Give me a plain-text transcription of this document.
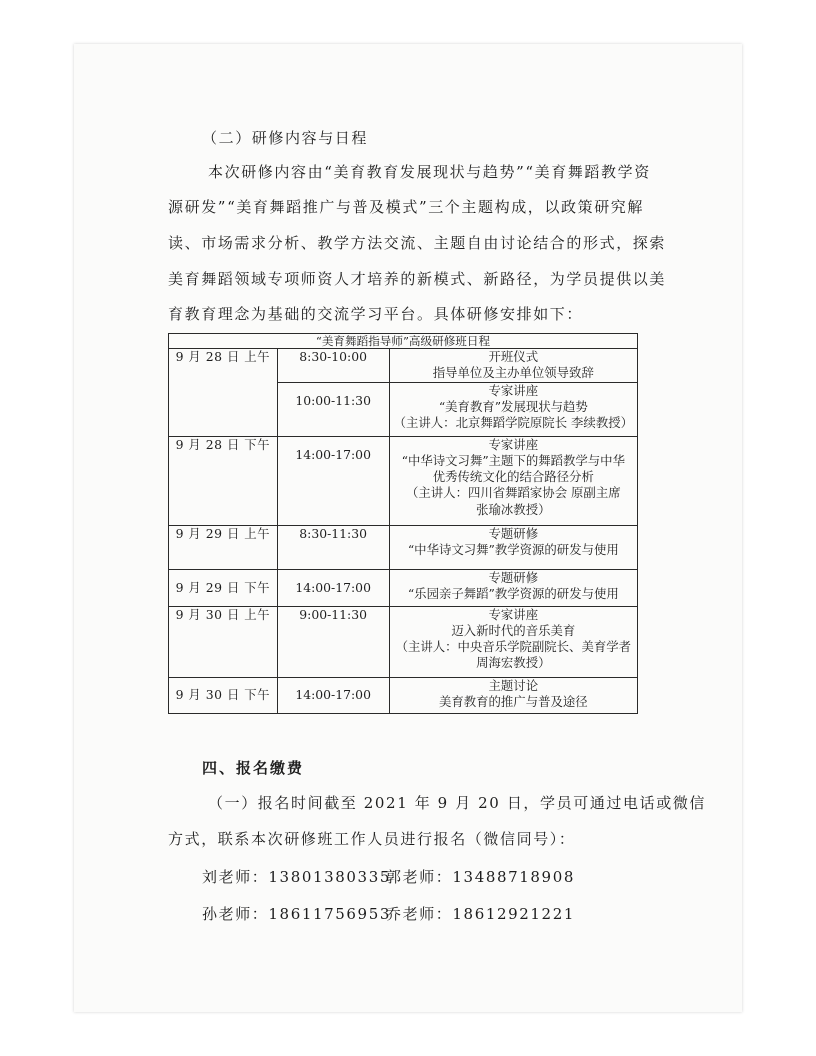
（二）研修内容与日程
本次研修内容由“美育教育发展现状与趋势”“美育舞蹈教学资
源研发”“美育舞蹈推广与普及模式”三个主题构成，以政策研究解
读、市场需求分析、教学方法交流、主题自由讨论结合的形式，探索
美育舞蹈领域专项师资人才培养的新模式、新路径，为学员提供以美
育教育理念为基础的交流学习平台。具体研修安排如下：
“美育舞蹈指导师”高级研修班日程		
9 月 28 日 上午	8:30-10:00	开班仪式
指导单位及主办单位领导致辞

	10:00-11:30	专家讲座
“美育教育”发展现状与趋势
（主讲人：北京舞蹈学院原院长 李续教授）

9 月 28 日 下午	14:00-17:00	专家讲座
“中华诗文习舞”主题下的舞蹈教学与中华
优秀传统文化的结合路径分析
（主讲人：四川省舞蹈家协会 原副主席
张瑜冰教授）

9 月 29 日 上午	8:30-11:30	专题研修
“中华诗文习舞”教学资源的研发与使用

9 月 29 日 下午	14:00-17:00	专题研修
“乐园亲子舞蹈”教学资源的研发与使用

9 月 30 日 上午	9:00-11:30	专家讲座
迈入新时代的音乐美育
（主讲人：中央音乐学院副院长、美育学者
周海宏教授）

9 月 30 日 下午	14:00-17:00	主题讨论
美育教育的推广与普及途径
四、报名缴费
（一）报名时间截至 2021 年 9 月 20 日，学员可通过电话或微信
方式，联系本次研修班工作人员进行报名（微信同号）：
刘老师：13801380335
郭老师：13488718908
孙老师：18611756953
乔老师：18612921221
